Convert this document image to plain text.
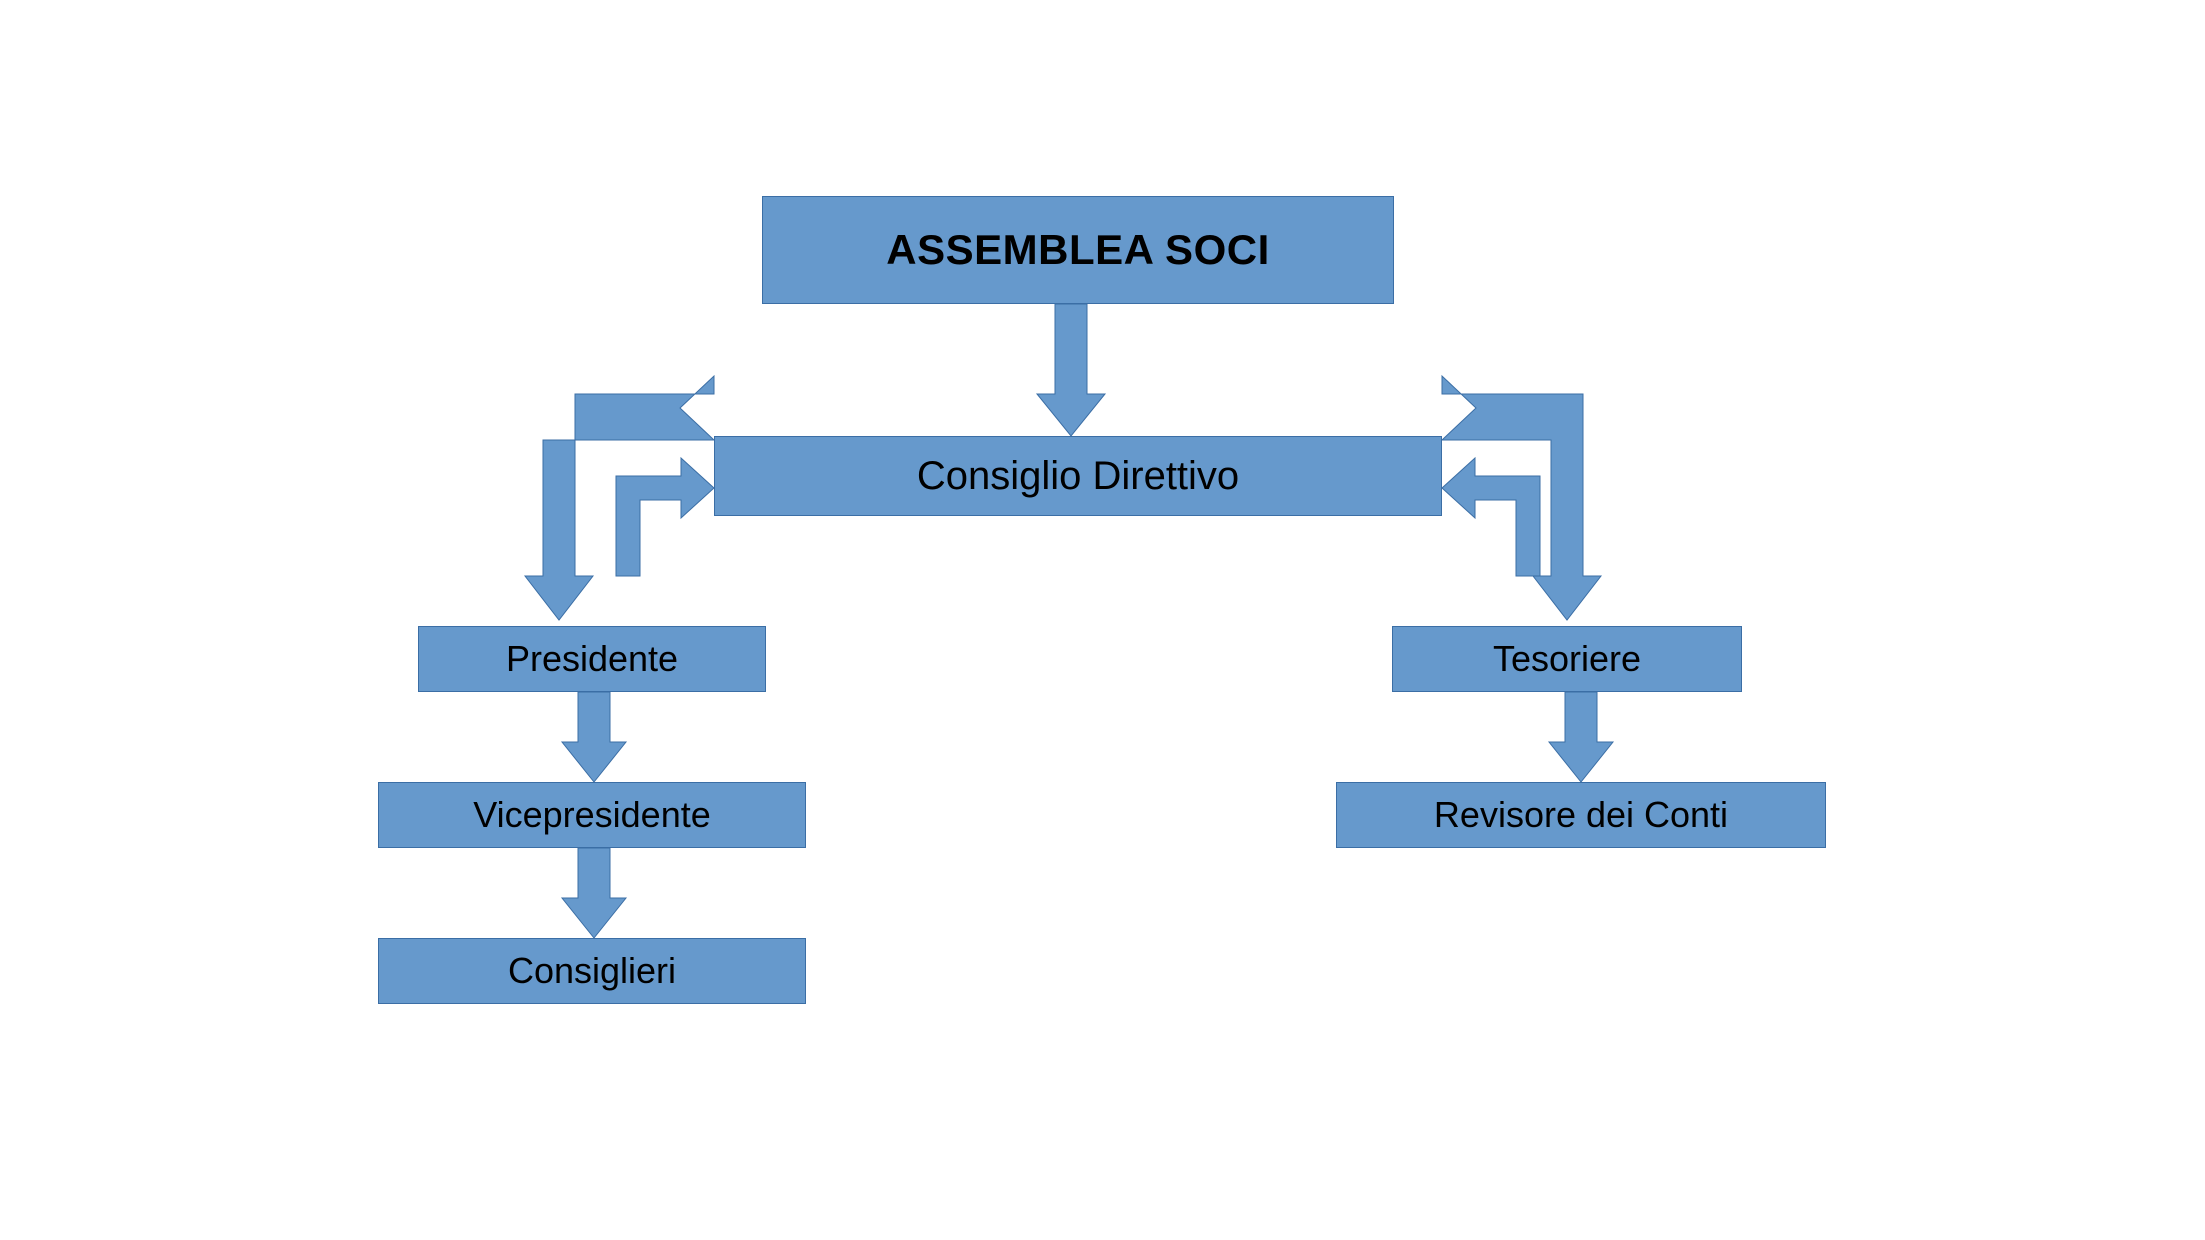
ASSEMBLEA SOCI
Consiglio Direttivo
Presidente
Vicepresidente
Consiglieri
Tesoriere
Revisore dei Conti
